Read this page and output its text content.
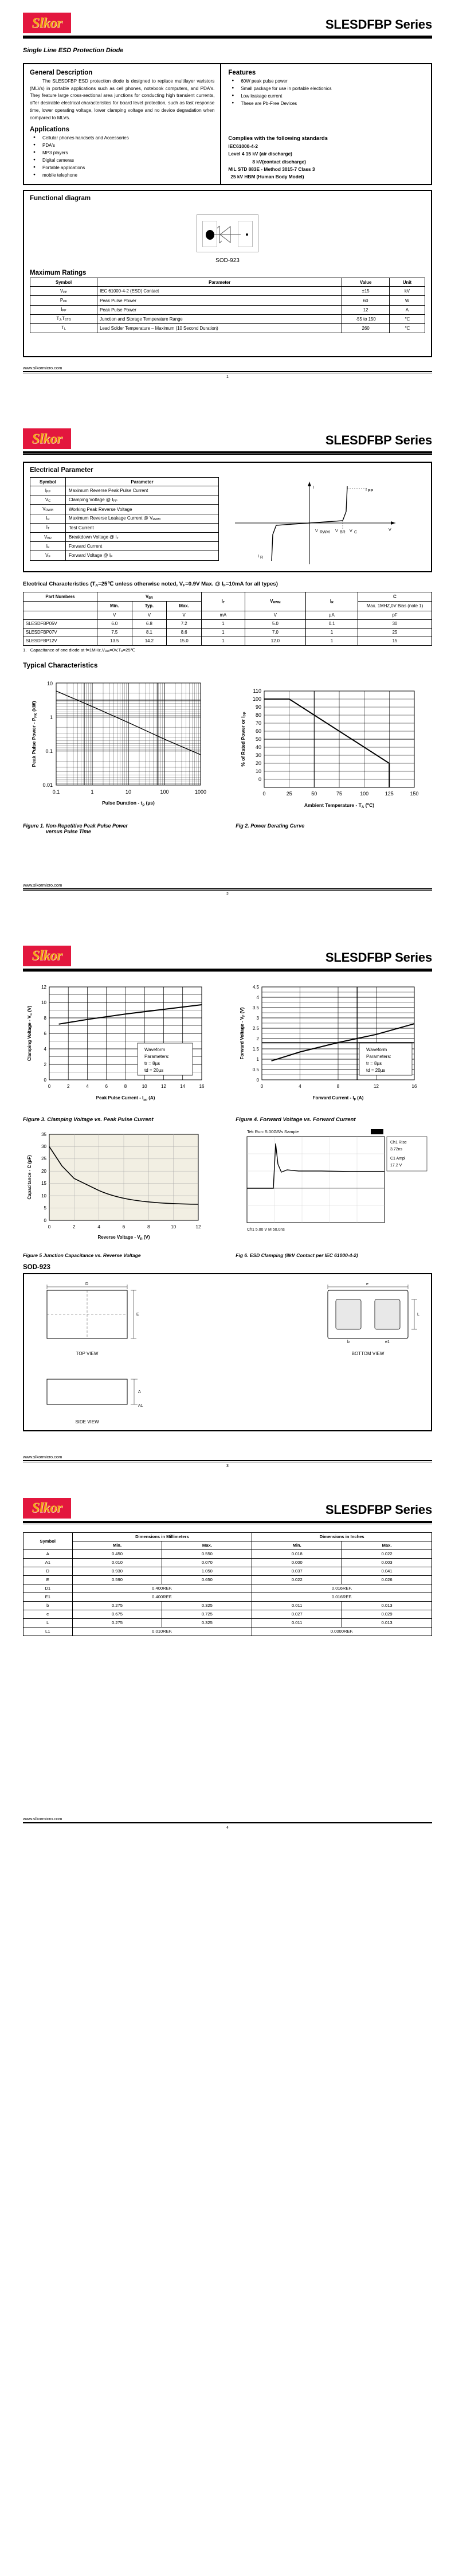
Slkor	SLESDFBP Series
Single Line ESD Protection Diode
General Description

The SLESDFBP ESD protection diode is designed to replace multilayer varistors (MLVs) in portable applications such as cell phones, notebook computers, and PDA's. They feature large cross-sectional area junctions for conducting high transient currents, offer desirable electrical characteristics for board level protection, such as fast response time, lower operating voltage, lower clamping voltage and no device degradation when compared to MLVs.

Applications
● Cellular phones handsets and Accessories
● PDA's
● MP3 players
● Digital cameras
● Portable applications
● mobile telephone
Features
● 60W peak pulse power
● Small package for use in portable electionics
● Low leakage current
● These are Pb-Free Devices
Complies with the following standards
IEC61000-4-2
Level 4 15 kV (air discharge)
8 kV(contact discharge)
MIL STD 883E - Method 3015-7 Class 3
25 kV HBM (Human Body Model)
Functional diagram
SOD-923
Maximum Ratings
Symbol	Parameter	Value	Unit
$V_{PP}$	IEC 61000-4-2 (ESD) Contact	±15	kV
$P_{PK}$	Peak Pulse Power	60	W
$I_{PP}$	Peak Pulse Power	12	A
$T_J,T_{STG}$	Junction and Storage Temperature Range	-55 to 150	℃
$T_L$	Lead Solder Temperature – Maximum (10 Second Duration)	260	℃
www.slkormicro.com
1
Slkor	SLESDFBP Series
Electrical Parameter
Symbol	Parameter
$I_{PP}$	Maximum Reverse Peak Pulse Current
$V_C$	Clamping Voltage @ $I_{PP}$
$V_{RWM}$	Working Peak Reverse Voltage
$I_R$	Maximum Reverse Leakage Current @ $V_{RWM}$
$I_T$	Test Current
$V_{BR}$	Breakdown Voltage @ $I_T$
$I_F$	Forward Current
$V_F$	Forward Voltage @ $I_F$
I
V
V BR V C
V RWM
I PP
I R
Electrical Characteristics ($T_A=25℃$ unless otherwise noted, $V_F=0.9V$ Max. @ $I_F=10mA$ for all types)
Part Numbers	$V_{BR}$			$I_T$	$V_{RWM}$	$I_R$	C
	Min.	Typ.	Max.				Max. 1MHZ,0V Bias (note 1)

	V	V	V	mA	V	µA	pF
SLESDFBP05V	6.0	6.8	7.2	1	5.0	0.1	30
SLESDFBP07V	7.5	8.1	8.6	1	7.0	1	25
SLESDFBP12V	13.5	14.2	15.0	1	12.0	1	15
1. Capacitance of one diode at $f=1MHz,V_{RW}=0V,T_A=25℃$
Typical Characteristics
10
1
0.1
0.01
0.1	1	10	100	1000
Pulse Duration - $t_p$ (µs)
Peak Pulse Power - $P_{PK}$ (kW)
110
100
90
80
70
60
50
40
30
20
10
0
0	25	50	75	100	125	150
Ambient Temperature - $T_A$ ($^o$C)
% of Rated Power or $I_{PP}$
Figure 1. Non-Repetitive Peak Pulse Power
versus Pulse Time
Fig 2. Power Derating Curve
www.slkormicro.com
2
Slkor	SLESDFBP Series
Waveform
Parameters:
tr = 8µs
td = 20µs
12
10
8
6
4
2
0
0	2	4	6	8	10	12	14	16
Peak Pulse Current - $I_{pp}$ (A)
Clamping Voltage - $V_C$ (V)
Waveform
Parameters:
tr = 8µs
td = 20µs
4.5
4
3.5
3
2.5
2
1.5
1
0.5
0
0	4	8	12	16
Forward Current - $I_F$ (A)
Forward Voltage - $V_F$ (V)
Figure 3. Clamping Voltage vs. Peak Pulse Current	Figure 4. Forward Voltage vs. Forward Current
35
30
25
20
15
10
5
0
0	2	4	6	8	10	12
Reverse Voltage - $V_R$ (V)
Capacitance - C (pF)
Tek Run: 5.00GS/s Sample
Ch1 Rise
3.72ns
C1 Ampl
17.2 V
Ch1 5.00 V M 50.0ns
Figure 5 Junction Capacitance vs. Reverse Voltage	Fig 6. ESD Clamping (8kV Contact per IEC 61000-4-2)
SOD-923
D
E
TOP VIEW
e
b	e1
L
BOTTOM VIEW
A
A1
SIDE VIEW
www.slkormicro.com
3
Slkor	SLESDFBP Series
Symbol	Dimensions in Millimeters		Dimensions in Inches	
	Min.	Max.	Min.	Max.
A	0.450	0.550	0.018	0.022
A1	0.010	0.070	0.000	0.003
D	0.930	1.050	0.037	0.041
E	0.590	0.650	0.022	0.026
D1	0.400REF.		0.016REF.	
E1	0.400REF.		0.016REF.	
b	0.275	0.325	0.011	0.013
e	0.675	0.725	0.027	0.029
L	0.275	0.325	0.011	0.013
L1	0.010REF.		0.0000REF.	
www.slkormicro.com
4
